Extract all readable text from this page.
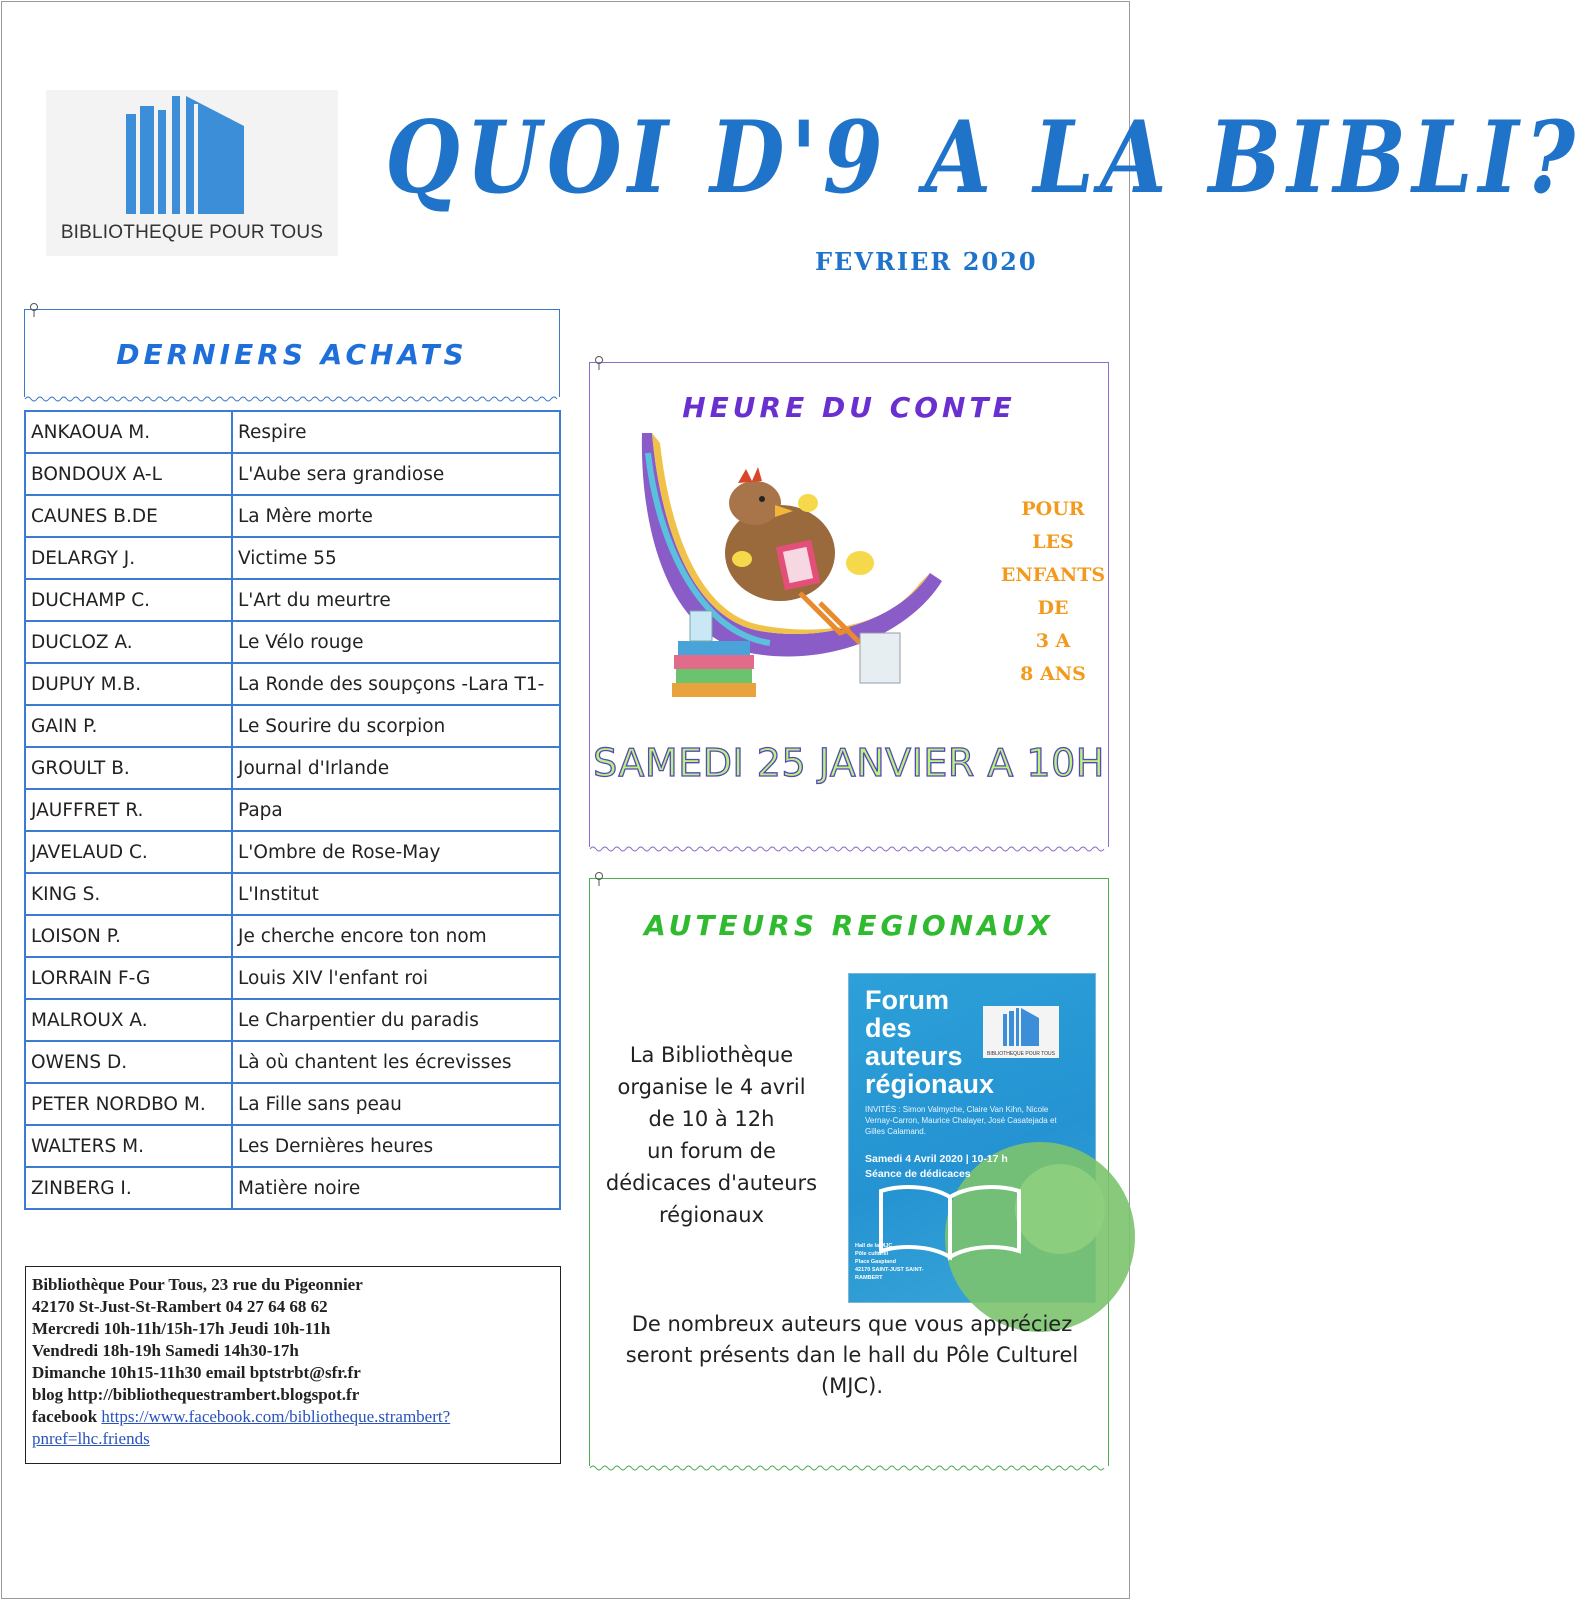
BIBLIOTHEQUE POUR TOUS
QUOI D'9 A LA BIBLI?
FEVRIER 2020
DERNIERS ACHATS
ANKAOUA M.	Respire
BONDOUX A-L	L'Aube sera grandiose
CAUNES B.DE	La Mère morte
DELARGY J.	Victime 55
DUCHAMP C.	L'Art du meurtre
DUCLOZ A.	Le Vélo rouge
DUPUY M.B.	La Ronde des soupçons -Lara T1-
GAIN P.	Le Sourire du scorpion
GROULT B.	Journal d'Irlande
JAUFFRET R.	Papa
JAVELAUD C.	L'Ombre de Rose-May
KING S.	L'Institut
LOISON P.	Je cherche encore ton nom
LORRAIN F-G	Louis XIV l'enfant roi
MALROUX A.	Le Charpentier du paradis
OWENS D.	Là où chantent les écrevisses
PETER NORDBO M.	La Fille sans peau
WALTERS M.	Les Dernières heures
ZINBERG I.	Matière noire
Bibliothèque Pour Tous, 23 rue du Pigeonnier
42170 St-Just-St-Rambert 04 27 64 68 62
Mercredi 10h-11h/15h-17h Jeudi 10h-11h
Vendredi 18h-19h Samedi 14h30-17h
Dimanche 10h15-11h30 email bptstrbt@sfr.fr
blog http://bibliothequestrambert.blogspot.fr
facebook https://www.facebook.com/bibliotheque.strambert?pnref=lhc.friends
HEURE DU CONTE
POUR
LES
ENFANTS
DE
3 A
8 ANS
SAMEDI 25 JANVIER A 10H
AUTEURS REGIONAUX
La Bibliothèque
organise le 4 avril
de 10 à 12h
un forum de
dédicaces d'auteurs
régionaux
Forum
des
auteurs
régionaux
BIBLIOTHEQUE POUR TOUS
INVITÉS : Simon Valmyche, Claire Van Kihn, Nicole Vernay-Carron, Maurice Chalayer, José Casatejada et Gilles Calamand.
Samedi 4 Avril 2020 | 10-17 h
Séance de dédicaces
Hall de la MJC
Pôle culturel
Place Gaspiand
42170 SAINT-JUST SAINT-RAMBERT
De nombreux auteurs que vous appréciez seront présents dan le hall du Pôle Culturel (MJC).
